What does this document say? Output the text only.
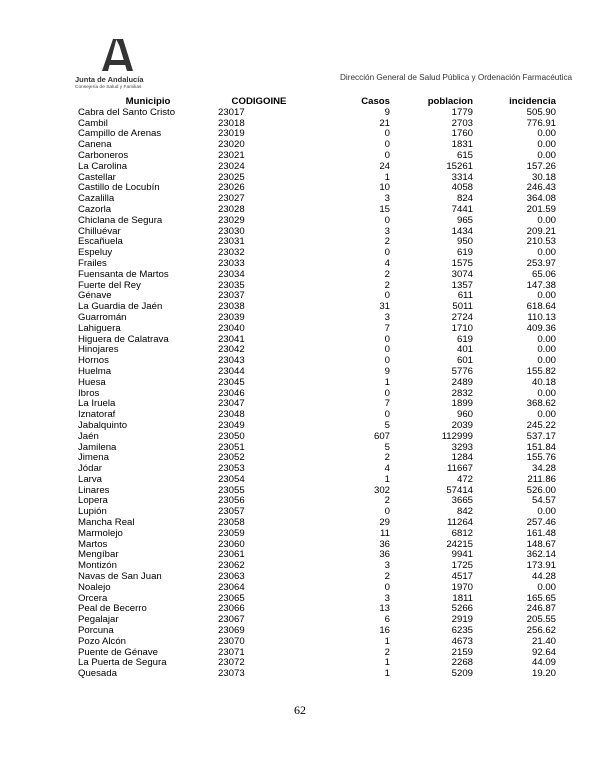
Junta de Andalucía
Consejería de Salud y Familias
Dirección General de Salud Pública y Ordenación Farmacéutica
Municipio	CODIGOINE	Casos	poblacion	incidencia
Cabra del Santo Cristo	23017	9	1779	505.90
Cambil	23018	21	2703	776.91
Campillo de Arenas	23019	0	1760	0.00
Canena	23020	0	1831	0.00
Carboneros	23021	0	615	0.00
La Carolina	23024	24	15261	157.26
Castellar	23025	1	3314	30.18
Castillo de Locubín	23026	10	4058	246.43
Cazalilla	23027	3	824	364.08
Cazorla	23028	15	7441	201.59
Chiclana de Segura	23029	0	965	0.00
Chilluévar	23030	3	1434	209.21
Escañuela	23031	2	950	210.53
Espeluy	23032	0	619	0.00
Frailes	23033	4	1575	253.97
Fuensanta de Martos	23034	2	3074	65.06
Fuerte del Rey	23035	2	1357	147.38
Génave	23037	0	611	0.00
La Guardia de Jaén	23038	31	5011	618.64
Guarromán	23039	3	2724	110.13
Lahiguera	23040	7	1710	409.36
Higuera de Calatrava	23041	0	619	0.00
Hinojares	23042	0	401	0.00
Hornos	23043	0	601	0.00
Huelma	23044	9	5776	155.82
Huesa	23045	1	2489	40.18
Ibros	23046	0	2832	0.00
La Iruela	23047	7	1899	368.62
Iznatoraf	23048	0	960	0.00
Jabalquinto	23049	5	2039	245.22
Jaén	23050	607	112999	537.17
Jamilena	23051	5	3293	151.84
Jimena	23052	2	1284	155.76
Jódar	23053	4	11667	34.28
Larva	23054	1	472	211.86
Linares	23055	302	57414	526.00
Lopera	23056	2	3665	54.57
Lupión	23057	0	842	0.00
Mancha Real	23058	29	11264	257.46
Marmolejo	23059	11	6812	161.48
Martos	23060	36	24215	148.67
Mengíbar	23061	36	9941	362.14
Montizón	23062	3	1725	173.91
Navas de San Juan	23063	2	4517	44.28
Noalejo	23064	0	1970	0.00
Orcera	23065	3	1811	165.65
Peal de Becerro	23066	13	5266	246.87
Pegalajar	23067	6	2919	205.55
Porcuna	23069	16	6235	256.62
Pozo Alcón	23070	1	4673	21.40
Puente de Génave	23071	2	2159	92.64
La Puerta de Segura	23072	1	2268	44.09
Quesada	23073	1	5209	19.20
62
